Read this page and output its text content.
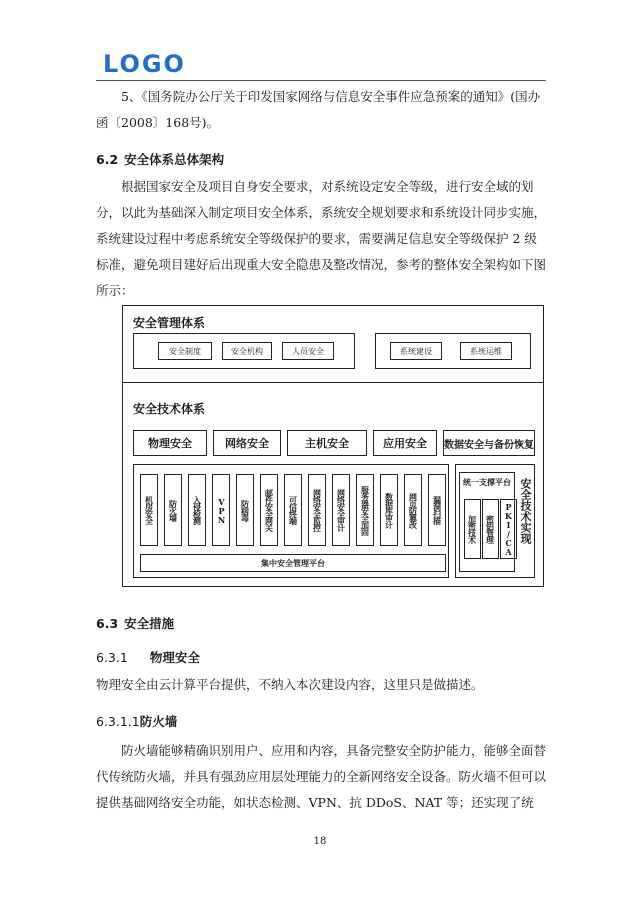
LOGO
5、《国务院办公厅关于印发国家网络与信息安全事件应急预案的通知》(国办函〔2008〕168号)。
6.2 安全体系总体架构
根据国家安全及项目自身安全要求，对系统设定安全等级，进行安全域的划分，以此为基础深入制定项目安全体系，系统安全规划要求和系统设计同步实施，系统建设过程中考虑系统安全等级保护的要求，需要满足信息安全等级保护 2 级标准，避免项目建好后出现重大安全隐患及整改情况，参考的整体安全架构如下图所示：
安全管理体系
安全制度	安全机构	人员安全	系统建设	系统运维
安全技术体系
物理安全	网络安全	主机安全	应用安全	数据安全与备份恢复
机房安全	防火墙	入侵检测	VPN	防病毒	邮件安全网关	可信终端	网络安全监控	网络安全审计	服务器安全加固	数据库审计	网页防篡改	漏洞扫描
集中安全管理平台
统一支撑平台
加密技术	密钥管理	PKI/CA 安全技术实现
6.3 安全措施
6.3.1 物理安全
物理安全由云计算平台提供，不纳入本次建设内容，这里只是做描述。
6.3.1.1防火墙
防火墙能够精确识别用户、应用和内容，具备完整安全防护能力，能够全面替代传统防火墙，并具有强劲应用层处理能力的全新网络安全设备。防火墙不但可以提供基础网络安全功能，如状态检测、VPN、抗 DDoS、NAT 等；还实现了统
18
